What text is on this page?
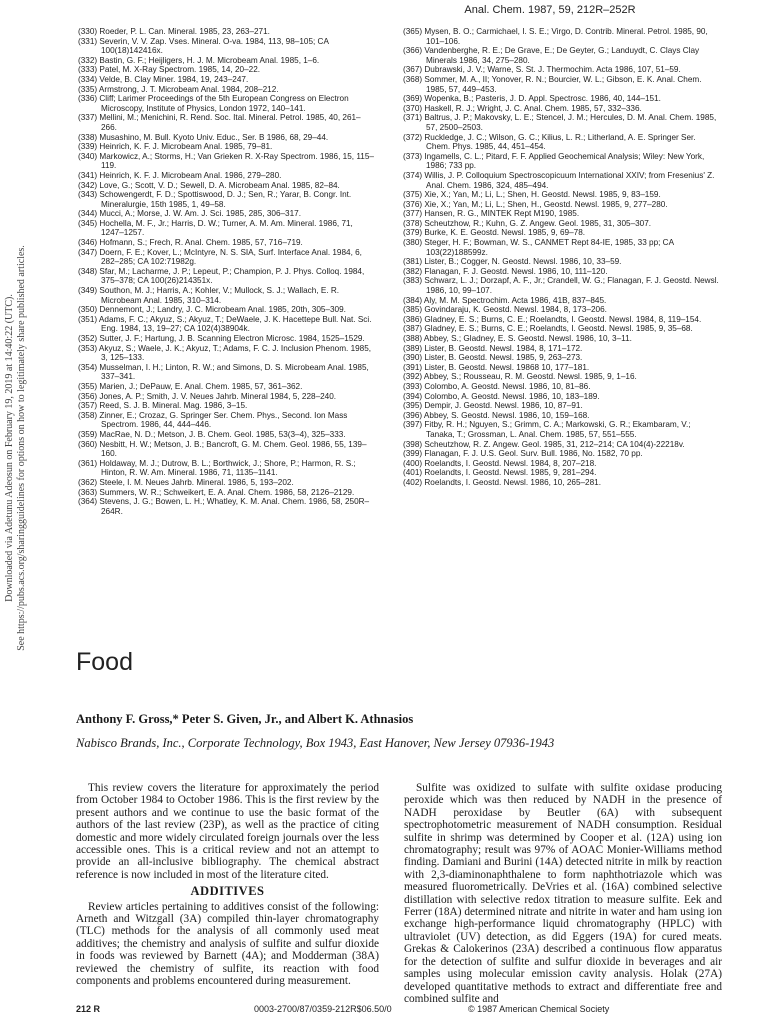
Anal. Chem. 1987, 59, 212R–252R
Downloaded via Adetunu Adeosun on February 19, 2019 at 14:40:22 (UTC). See https://pubs.acs.org/sharingguidelines for options on how to legitimately share published articles.

(330) Roeder, P. L. Can. Mineral. 1985, 23, 263–271.

(331) Severin, V. V. Zap. Vses. Mineral. O-va. 1984, 113, 98–105; CA 100(18)142416x.

(332) Bastin, G. F.; Heijligers, H. J. M. Microbeam Anal. 1985, 1–6.

(333) Patel, M. X-Ray Spectrom. 1985, 14, 20–22.

(334) Velde, B. Clay Miner. 1984, 19, 243–247.

(335) Armstrong, J. T. Microbeam Anal. 1984, 208–212.

(336) Cliff; Larimer Proceedings of the 5th European Congress on Electron Microscopy, Institute of Physics, London 1972, 140–141.

(337) Mellini, M.; Menichini, R. Rend. Soc. Ital. Mineral. Petrol. 1985, 40, 261–266.

(338) Musashino, M. Bull. Kyoto Univ. Educ., Ser. B 1986, 68, 29–44.

(339) Heinrich, K. F. J. Microbeam Anal. 1985, 79–81.

(340) Markowicz, A.; Storms, H.; Van Grieken R. X-Ray Spectrom. 1986, 15, 115–119.

(341) Heinrich, K. F. J. Microbeam Anal. 1986, 279–280.

(342) Love, G.; Scott, V. D.; Sewell, D. A. Microbeam Anal. 1985, 82–84.

(343) Schowengerdt, F. D.; Spottiswood, D. J.; Sen, R.; Yarar, B. Congr. Int. Mineralurgie, 15th 1985, 1, 49–58.

(344) Mucci, A.; Morse, J. W. Am. J. Sci. 1985, 285, 306–317.

(345) Hochella, M. F., Jr.; Harris, D. W.; Turner, A. M. Am. Mineral. 1986, 71, 1247–1257.

(346) Hofmann, S.; Frech, R. Anal. Chem. 1985, 57, 716–719.

(347) Doern, F. E.; Kover, L.; McIntyre, N. S. SIA, Surf. Interface Anal. 1984, 6, 282–285; CA 102:71982g.

(348) Sfar, M.; Lacharme, J. P.; Lepeut, P.; Champion, P. J. Phys. Colloq. 1984, 375–378; CA 100(26)214351x.

(349) Southon, M. J.; Harris, A.; Kohler, V.; Mullock, S. J.; Wallach, E. R. Microbeam Anal. 1985, 310–314.

(350) Dennemont, J.; Landry, J. C. Microbeam Anal. 1985, 20th, 305–309.

(351) Adams, F. C.; Akyuz, S.; Akyuz, T.; DeWaele, J. K. Hacettepe Bull. Nat. Sci. Eng. 1984, 13, 19–27; CA 102(4)38904k.

(352) Sutter, J. F.; Hartung, J. B. Scanning Electron Microsc. 1984, 1525–1529.

(353) Akyuz, S.; Waele, J. K.; Akyuz, T.; Adams, F. C. J. Inclusion Phenom. 1985, 3, 125–133.

(354) Musselman, I. H.; Linton, R. W.; and Simons, D. S. Microbeam Anal. 1985, 337–341.

(355) Marien, J.; DePauw, E. Anal. Chem. 1985, 57, 361–362.

(356) Jones, A. P.; Smith, J. V. Neues Jahrb. Mineral 1984, 5, 228–240.

(357) Reed, S. J. B. Mineral. Mag. 1986, 3–15.

(358) Zinner, E.; Crozaz, G. Springer Ser. Chem. Phys., Second. Ion Mass Spectrom. 1986, 44, 444–446.

(359) MacRae, N. D.; Metson, J. B. Chem. Geol. 1985, 53(3–4), 325–333.

(360) Nesbitt, H. W.; Metson, J. B.; Bancroft, G. M. Chem. Geol. 1986, 55, 139–160.

(361) Holdaway, M. J.; Dutrow, B. L.; Borthwick, J.; Shore, P.; Harmon, R. S.; Hinton, R. W. Am. Mineral. 1986, 71, 1135–1141.

(362) Steele, I. M. Neues Jahrb. Mineral. 1986, 5, 193–202.

(363) Summers, W. R.; Schweikert, E. A. Anal. Chem. 1986, 58, 2126–2129.

(364) Stevens, J. G.; Bowen, L. H.; Whatley, K. M. Anal. Chem. 1986, 58, 250R–264R.

(365) Mysen, B. O.; Carmichael, I. S. E.; Virgo, D. Contrib. Mineral. Petrol. 1985, 90, 101–106.

(366) Vandenberghe, R. E.; De Grave, E.; De Geyter, G.; Landuydt, C. Clays Clay Minerals 1986, 34, 275–280.

(367) Dubrawski, J. V.; Warne, S. St. J. Thermochim. Acta 1986, 107, 51–59.

(368) Sommer, M. A., II; Yonover, R. N.; Bourcier, W. L.; Gibson, E. K. Anal. Chem. 1985, 57, 449–453.

(369) Wopenka, B.; Pasteris, J. D. Appl. Spectrosc. 1986, 40, 144–151.

(370) Haskell, R. J.; Wright, J. C. Anal. Chem. 1985, 57, 332–336.

(371) Baltrus, J. P.; Makovsky, L. E.; Stencel, J. M.; Hercules, D. M. Anal. Chem. 1985, 57, 2500–2503.

(372) Ruckledge, J. C.; Wilson, G. C.; Kilius, L. R.; Litherland, A. E. Springer Ser. Chem. Phys. 1985, 44, 451–454.

(373) Ingamells, C. L.; Pitard, F. F. Applied Geochemical Analysis; Wiley: New York, 1986; 733 pp.

(374) Willis, J. P. Colloquium Spectroscopicuum International XXIV; from Fresenius' Z. Anal. Chem. 1986, 324, 485–494.

(375) Xie, X.; Yan, M.; Li, L.; Shen, H. Geostd. Newsl. 1985, 9, 83–159.

(376) Xie, X.; Yan, M.; Li, L.; Shen, H., Geostd. Newsl. 1985, 9, 277–280.

(377) Hansen, R. G., MINTEK Rept M190, 1985.

(378) Scheutzhow, R.; Kuhn, G. Z. Angew. Geol. 1985, 31, 305–307.

(379) Burke, K. E. Geostd. Newsl. 1985, 9, 69–78.

(380) Steger, H. F.; Bowman, W. S., CANMET Rept 84-IE, 1985, 33 pp; CA 103(22)188599z.

(381) Lister, B.; Cogger, N. Geostd. Newsl. 1986, 10, 33–59.

(382) Flanagan, F. J. Geostd. Newsl. 1986, 10, 111–120.

(383) Schwarz, L. J.; Dorzapf, A. F., Jr.; Crandell, W. G.; Flanagan, F. J. Geostd. Newsl. 1986, 10, 99–107.

(384) Aly, M. M. Spectrochim. Acta 1986, 41B, 837–845.

(385) Govindaraju, K. Geostd. Newsl. 1984, 8, 173–206.

(386) Gladney, E. S.; Burns, C. E.; Roelandts, I. Geostd. Newsl. 1984, 8, 119–154.

(387) Gladney, E. S.; Burns, C. E.; Roelandts, I. Geostd. Newsl. 1985, 9, 35–68.

(388) Abbey, S.; Gladney, E. S. Geostd. Newsl. 1986, 10, 3–11.

(389) Lister, B. Geostd. Newsl. 1984, 8, 171–172.

(390) Lister, B. Geostd. Newsl. 1985, 9, 263–273.

(391) Lister, B. Geostd. Newsl. 19868 10, 177–181.

(392) Abbey, S.; Rousseau, R. M. Geostd. Newsl. 1985, 9, 1–16.

(393) Colombo, A. Geostd. Newsl. 1986, 10, 81–86.

(394) Colombo, A. Geostd. Newsl. 1986, 10, 183–189.

(395) Dempir, J. Geostd. Newsl. 1986, 10, 87–91.

(396) Abbey, S. Geostd. Newsl. 1986, 10, 159–168.

(397) Fitby, R. H.; Nguyen, S.; Grimm, C. A.; Markowski, G. R.; Ekambaram, V.; Tanaka, T.; Grossman, L. Anal. Chem. 1985, 57, 551–555.

(398) Scheutzhow, R. Z. Angew. Geol. 1985, 31, 212–214; CA 104(4)-22218v.

(399) Flanagan, F. J. U.S. Geol. Surv. Bull. 1986, No. 1582, 70 pp.

(400) Roelandts, I. Geostd. Newsl. 1984, 8, 207–218.

(401) Roelandts, I. Geostd. Newsl. 1985, 9, 281–294.

(402) Roelandts, I. Geostd. Newsl. 1986, 10, 265–281.

Food
Anthony F. Gross,* Peter S. Given, Jr., and Albert K. Athnasios
Nabisco Brands, Inc., Corporate Technology, Box 1943, East Hanover, New Jersey 07936-1943

This review covers the literature for approximately the period from October 1984 to October 1986. This is the first review by the present authors and we continue to use the basic format of the authors of the last review (23P), as well as the practice of citing domestic and more widely circulated foreign journals over the less accessible ones. This is a critical review and not an attempt to provide an all-inclusive bibliography. The chemical abstract reference is now included in most of the literature cited.

ADDITIVES

Review articles pertaining to additives consist of the following: Arneth and Witzgall (3A) compiled thin-layer chromatography (TLC) methods for the analysis of all commonly used meat additives; the chemistry and analysis of sulfite and sulfur dioxide in foods was reviewed by Barnett (4A); and Modderman (38A) reviewed the chemistry of sulfite, its reaction with food components and problems encountered during measurement.

Sulfite was oxidized to sulfate with sulfite oxidase producing peroxide which was then reduced by NADH in the presence of NADH peroxidase by Beutler (6A) with subsequent spectrophotometric measurement of NADH consumption. Residual sulfite in shrimp was determined by Cooper et al. (12A) using ion chromatography; result was 97% of AOAC Monier-Williams method finding. Damiani and Burini (14A) detected nitrite in milk by reaction with 2,3-diaminonaphthalene to form naphthotriazole which was measured fluorometrically. DeVries et al. (16A) combined selective distillation with selective redox titration to measure sulfite. Eek and Ferrer (18A) determined nitrate and nitrite in water and ham using ion exchange high-performance liquid chromatography (HPLC) with ultraviolet (UV) detection, as did Eggers (19A) for cured meats. Grekas & Calokerinos (23A) described a continuous flow apparatus for the detection of sulfite and sulfur dioxide in beverages and air samples using molecular emission cavity analysis. Holak (27A) developed quantitative methods to extract and differentiate free and combined sulfite and

212 R	0003-2700/87/0359-212R$06.50/0	© 1987 American Chemical Society
